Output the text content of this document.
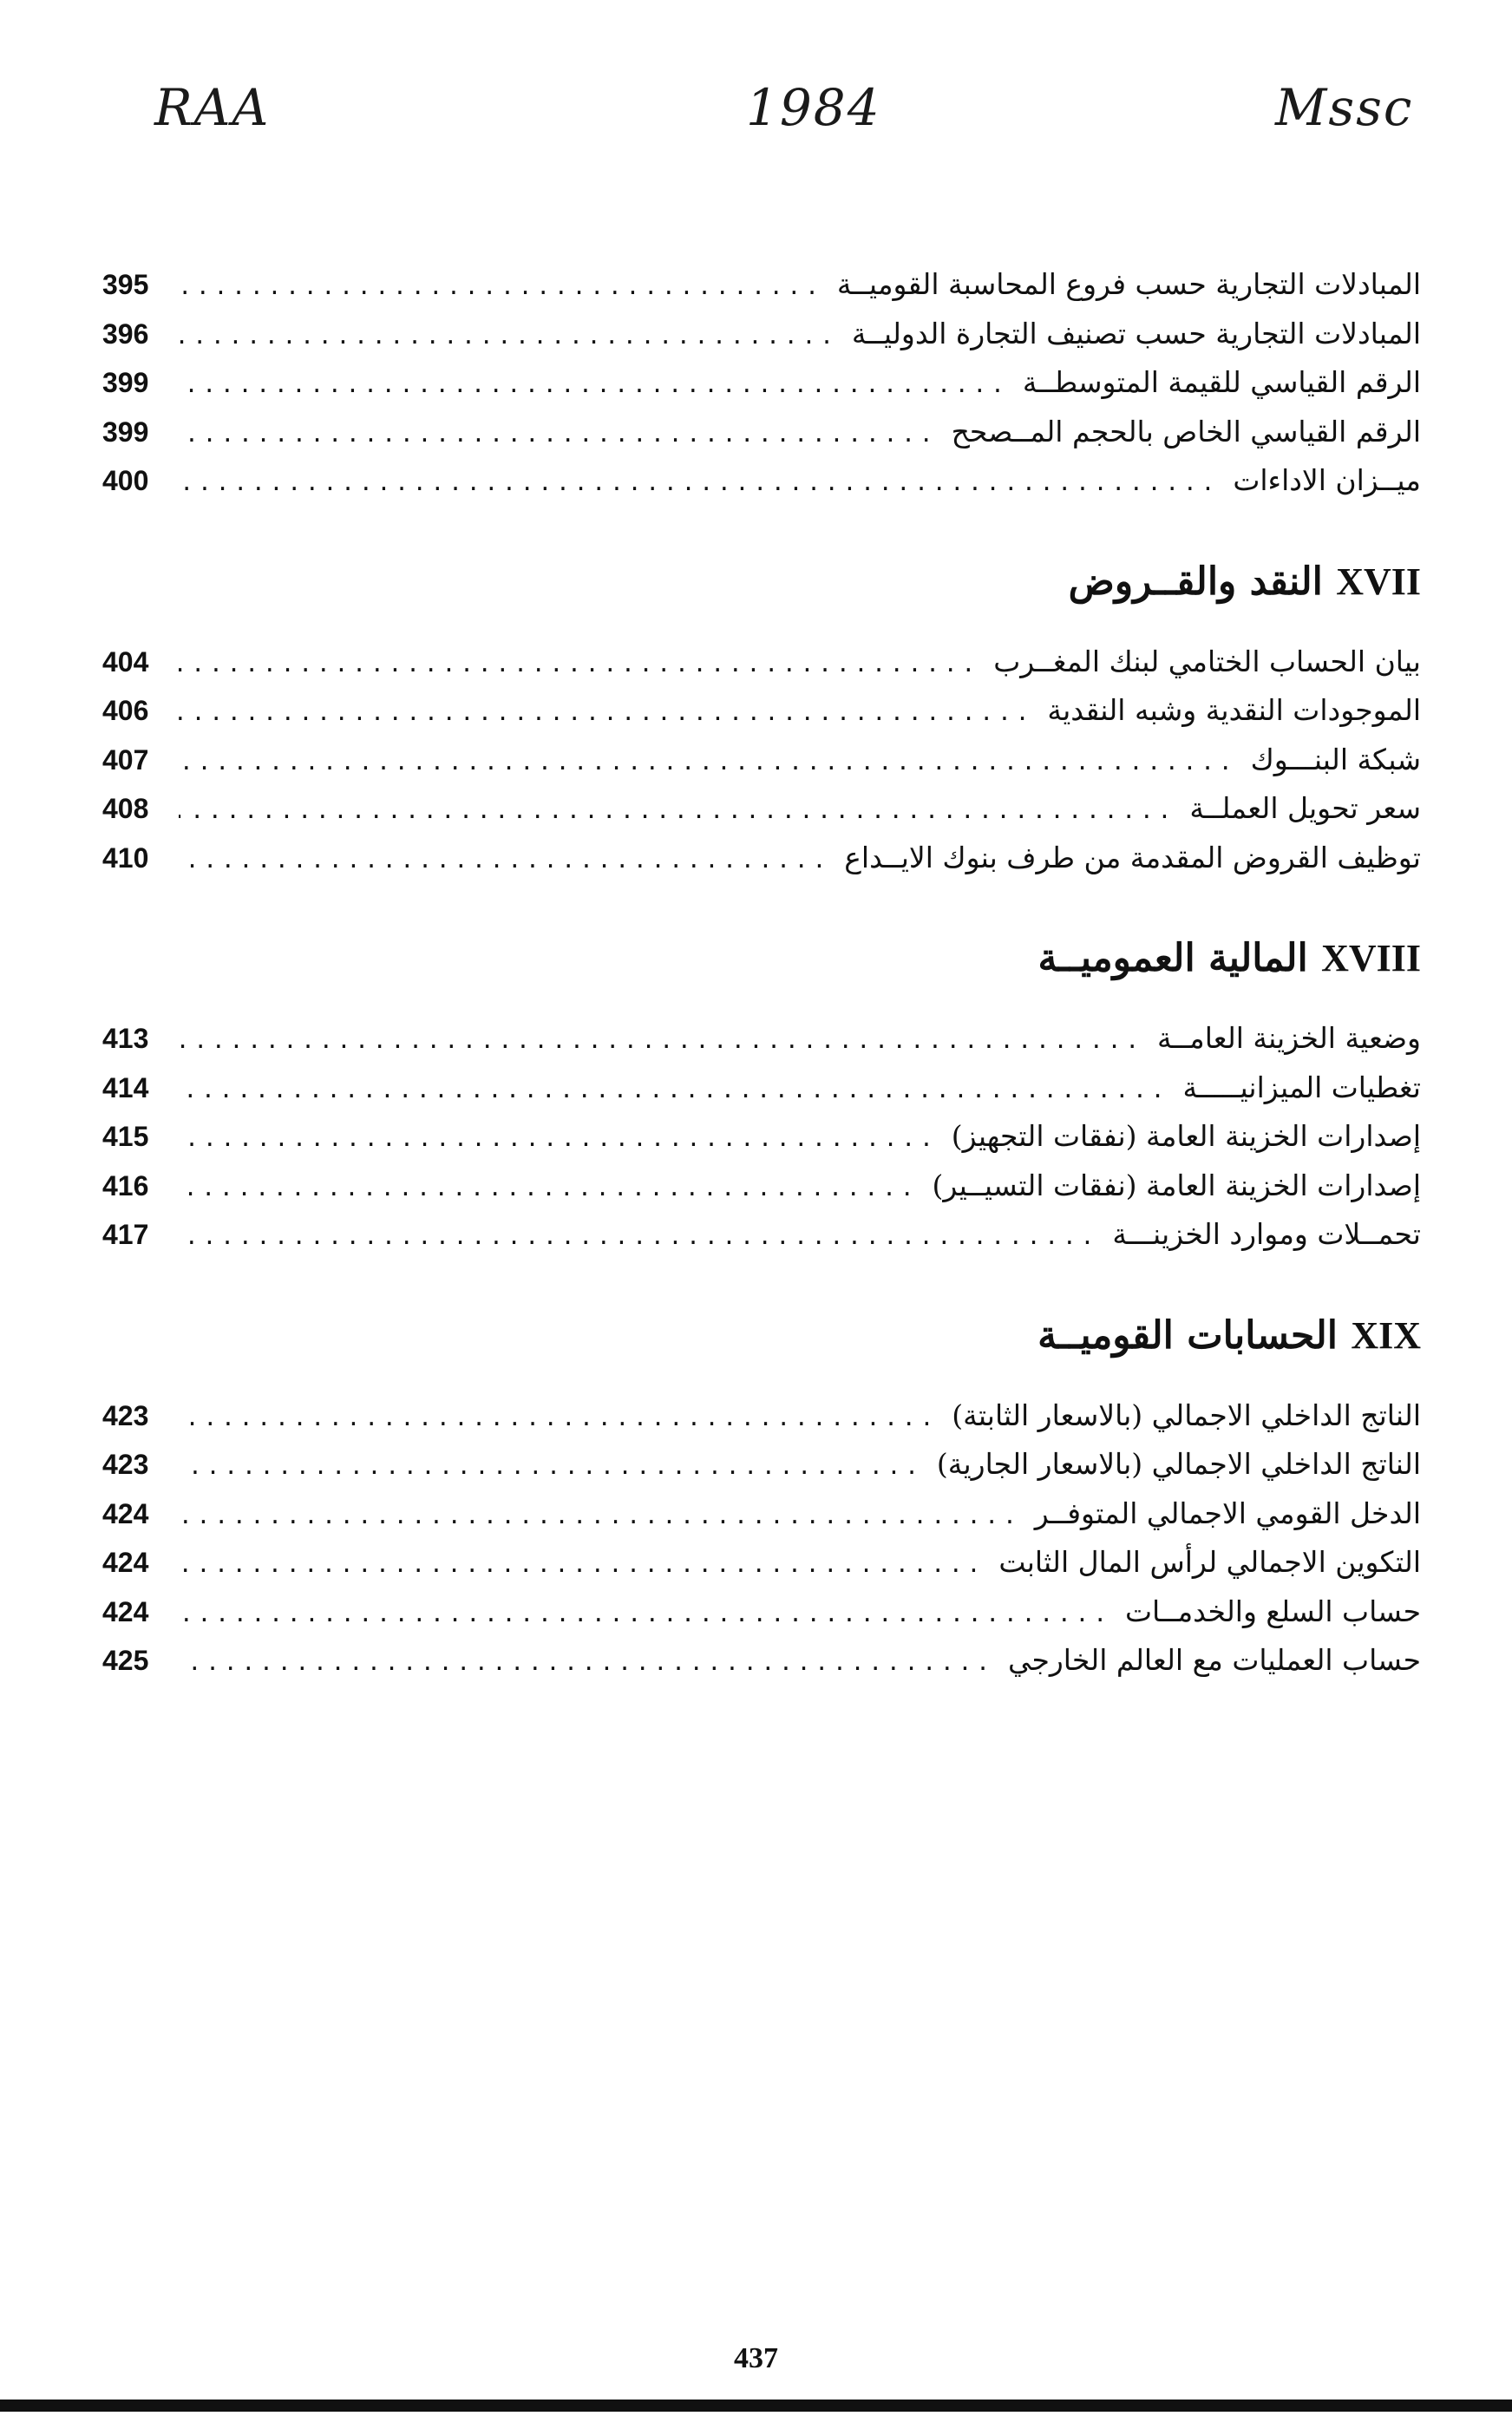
RAA	1984	Mssc
المبادلات التجارية حسب فروع المحاسبة القوميــة
.....
395
المبادلات التجارية حسب تصنيف التجارة الدوليــة
.....
396
الرقم القياسي للقيمة المتوسطــة
.....
399
الرقم القياسي الخاص بالحجم المــصحح
.....
399
ميــزان الاداءات
.....
400
XVII النقد والقــروض
بيان الحساب الختامي لبنك المغــرب
.....
404
الموجودات النقدية وشبه النقدية
.....
406
شبكة البنـــوك
.....
407
سعر تحويل العملــة
.....
408
توظيف القروض المقدمة من طرف بنوك الايــداع
.....
410
XVIII المالية العموميــة
وضعية الخزينة العامــة
.....
413
تغطيات الميزانيـــــة
.....
414
إصدارات الخزينة العامة (نفقات التجهيز)
.....
415
إصدارات الخزينة العامة (نفقات التسيــير)
.....
416
تحمــلات وموارد الخزينـــة
.....
417
XIX الحسابات القوميــة
الناتج الداخلي الاجمالي (بالاسعار الثابتة)
.....
423
الناتج الداخلي الاجمالي (بالاسعار الجارية)
.....
423
الدخل القومي الاجمالي المتوفــر
.....
424
التكوين الاجمالي لرأس المال الثابت
.....
424
حساب السلع والخدمــات
.....
424
حساب العمليات مع العالم الخارجي
.....
425
437
